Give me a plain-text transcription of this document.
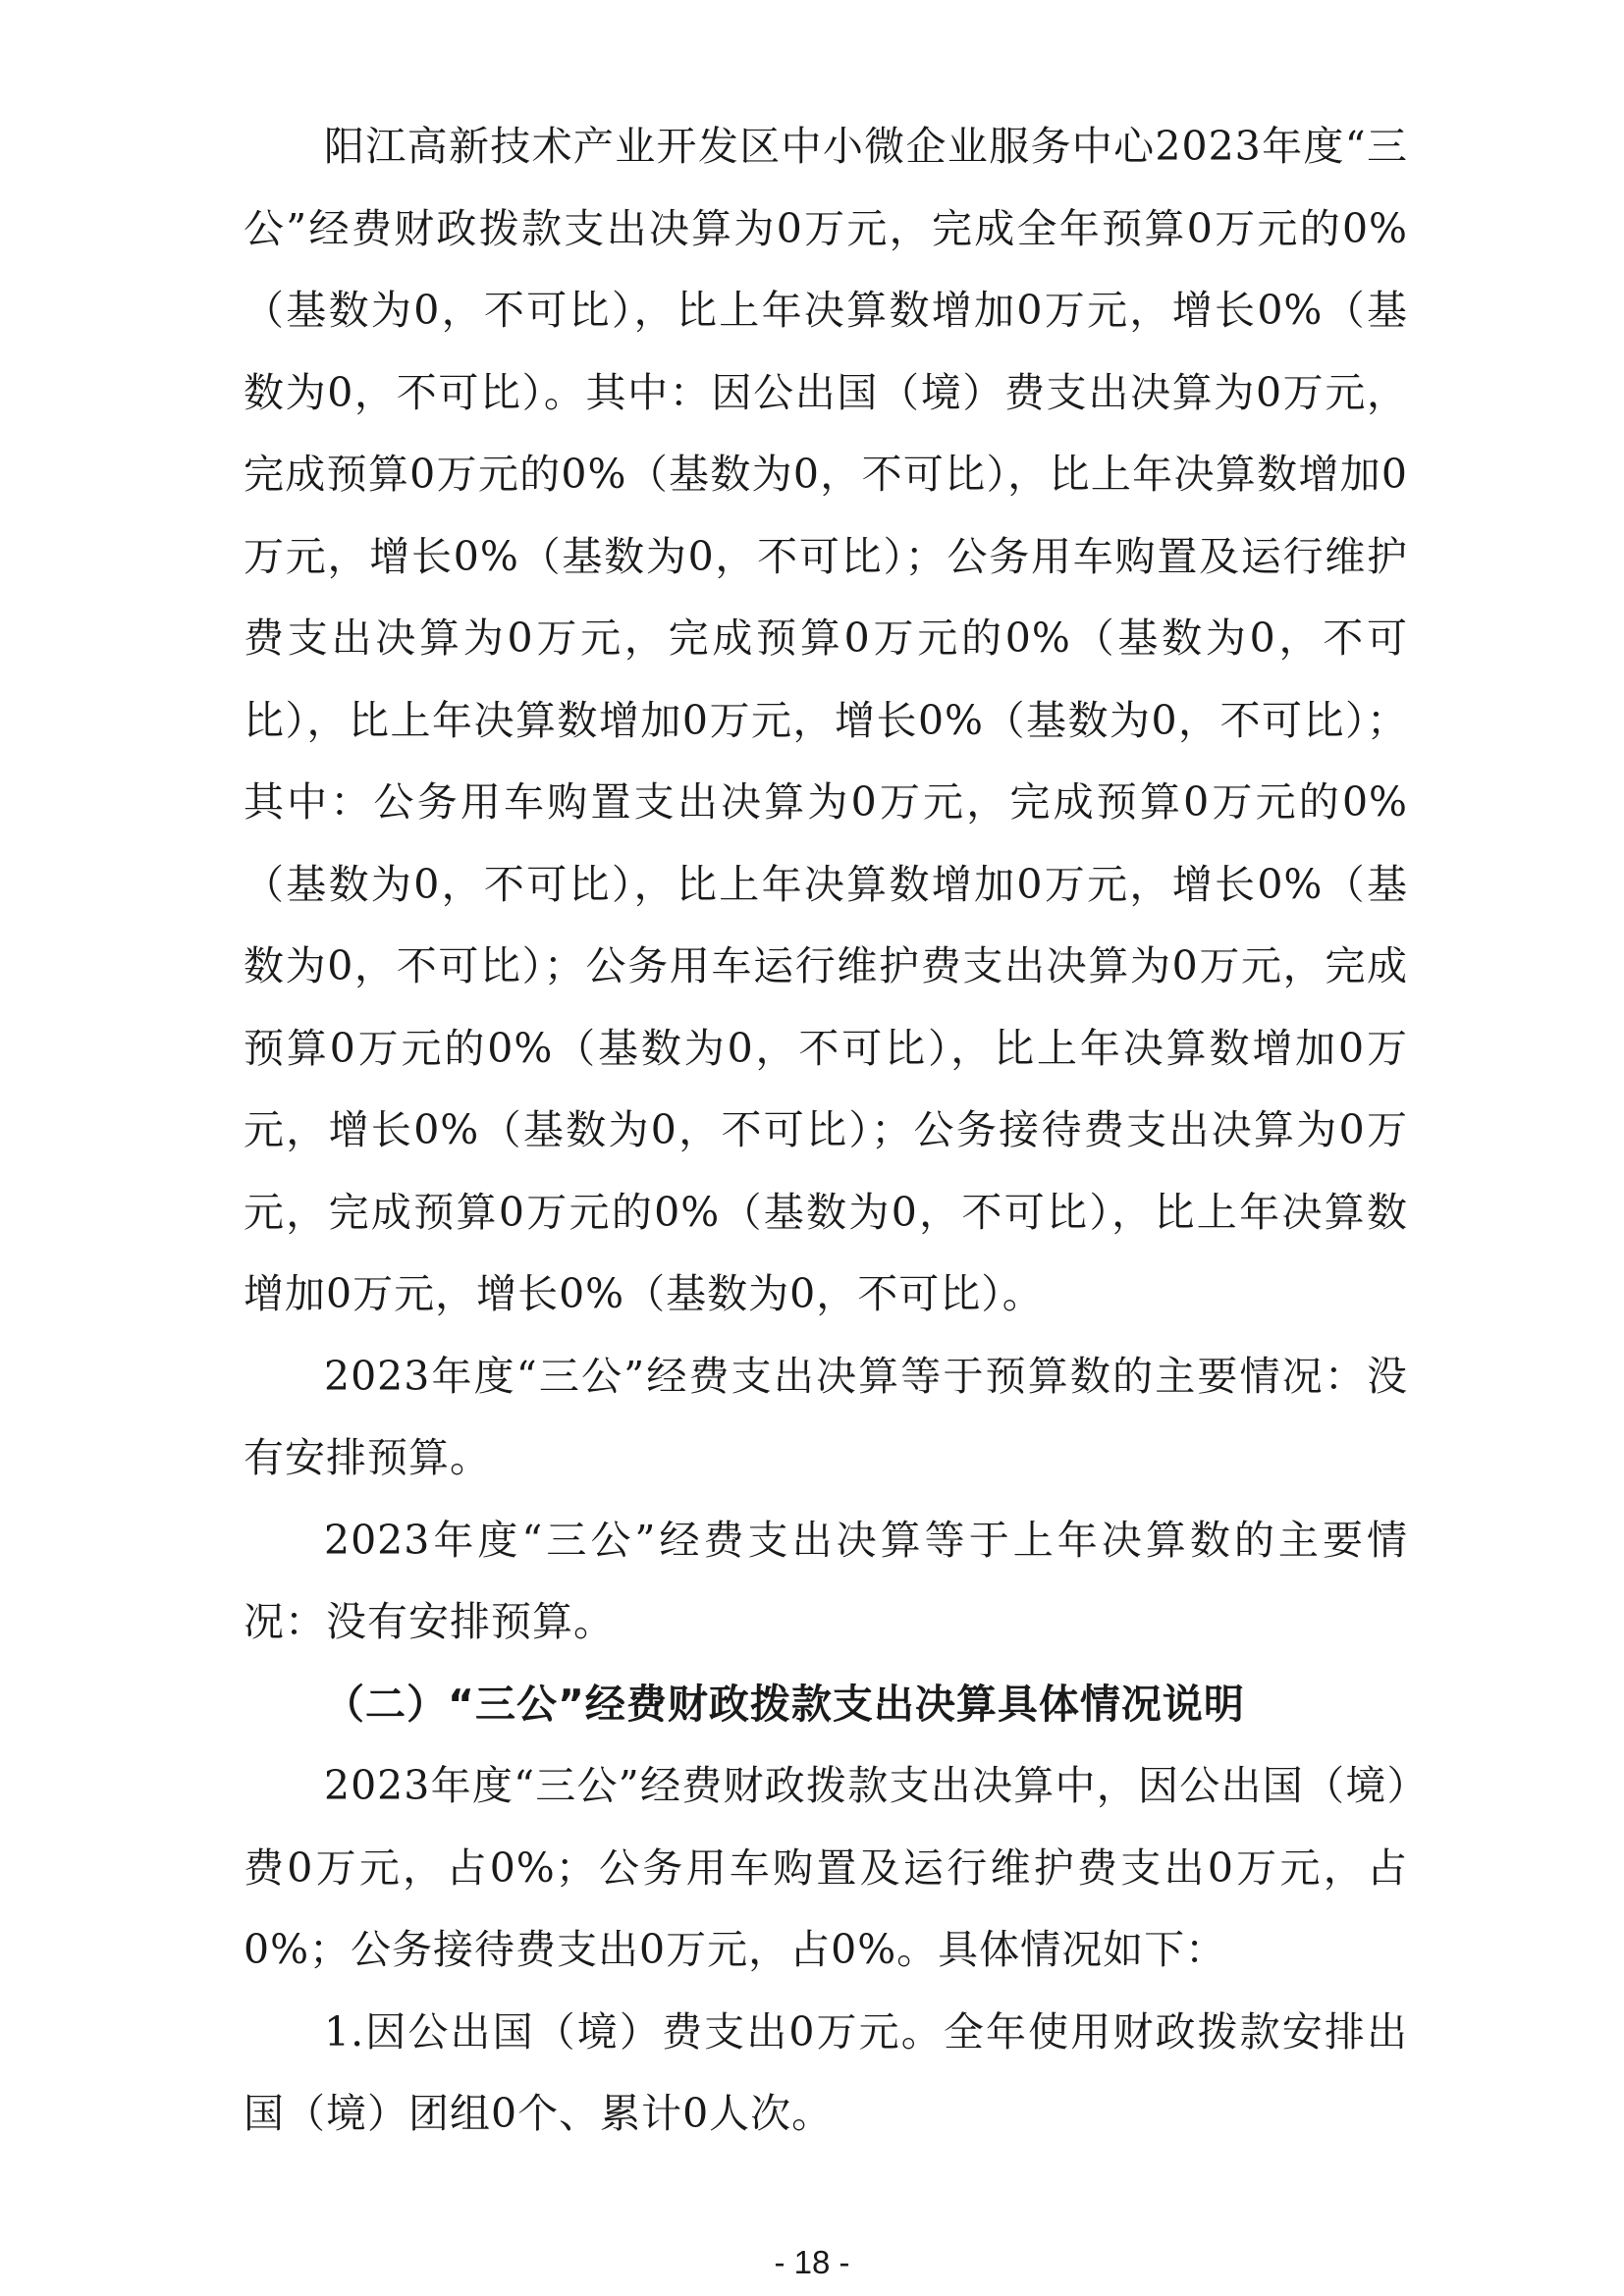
阳江高新技术产业开发区中小微企业服务中心2023年度“三公”经费财政拨款支出决算为0万元，完成全年预算0万元的0%（基数为0，不可比），比上年决算数增加0万元，增长0%（基数为0，不可比）。其中：因公出国（境）费支出决算为0万元，完成预算0万元的0%（基数为0，不可比），比上年决算数增加0万元，增长0%（基数为0，不可比）；公务用车购置及运行维护费支出决算为0万元，完成预算0万元的0%（基数为0，不可比），比上年决算数增加0万元，增长0%（基数为0，不可比）；其中：公务用车购置支出决算为0万元，完成预算0万元的0%（基数为0，不可比），比上年决算数增加0万元，增长0%（基数为0，不可比）；公务用车运行维护费支出决算为0万元，完成预算0万元的0%（基数为0，不可比），比上年决算数增加0万元，增长0%（基数为0，不可比）；公务接待费支出决算为0万元，完成预算0万元的0%（基数为0，不可比），比上年决算数增加0万元，增长0%（基数为0，不可比）。

2023年度“三公”经费支出决算等于预算数的主要情况：没有安排预算。

2023年度“三公”经费支出决算等于上年决算数的主要情况：没有安排预算。

（二）“三公”经费财政拨款支出决算具体情况说明

2023年度“三公”经费财政拨款支出决算中，因公出国（境）费0万元，占0%；公务用车购置及运行维护费支出0万元，占0%；公务接待费支出0万元，占0%。具体情况如下：

1.因公出国（境）费支出0万元。全年使用财政拨款安排出国（境）团组0个、累计0人次。

- 18 -
